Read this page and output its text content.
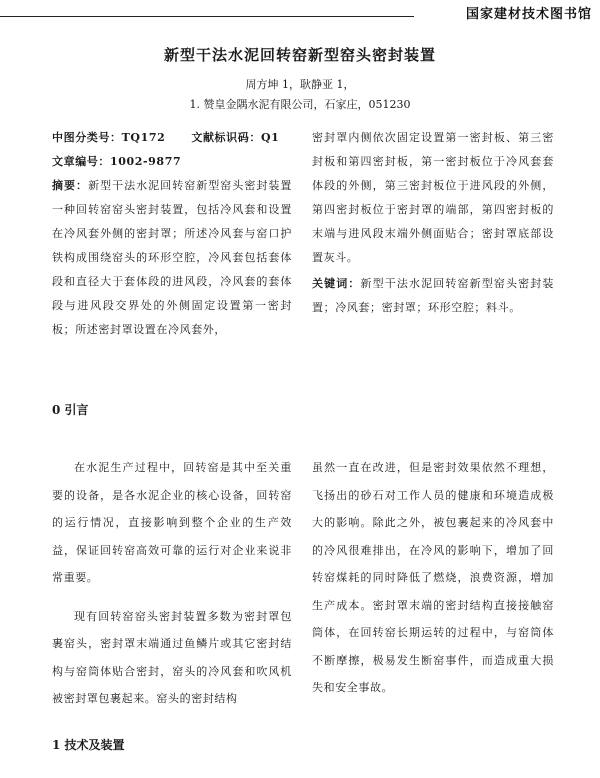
国家建材技术图书馆
新型干法水泥回转窑新型窑头密封装置
周方坤 1，耿静亚 1，
1. 赞皇金隅水泥有限公司，石家庄，051230
中图分类号：TQ172 文献标识码：Q1
文章编号：1002-9877

摘要：新型干法水泥回转窑新型窑头密封装置一种回转窑窑头密封装置，包括冷风套和设置在冷风套外侧的密封罩；所述冷风套与窑口护铁构成围绕窑头的环形空腔，冷风套包括套体段和直径大于套体段的进风段，冷风套的套体段与进风段交界处的外侧固定设置第一密封板；所述密封罩设置在冷风套外，

密封罩内侧依次固定设置第一密封板、第三密封板和第四密封板，第一密封板位于冷风套套体段的外侧，第三密封板位于进风段的外侧，第四密封板位于密封罩的端部，第四密封板的末端与进风段末端外侧面贴合；密封罩底部设置灰斗。

关键词：新型干法水泥回转窑新型窑头密封装置；冷风套；密封罩；环形空腔；料斗。

0 引言

在水泥生产过程中，回转窑是其中至关重要的设备，是各水泥企业的核心设备，回转窑的运行情况，直接影响到整个企业的生产效益，保证回转窑高效可靠的运行对企业来说非常重要。

现有回转窑窑头密封装置多数为密封罩包裹窑头，密封罩末端通过鱼鳞片或其它密封结构与窑筒体贴合密封，窑头的冷风套和吹风机被密封罩包裹起来。窑头的密封结构

虽然一直在改进，但是密封效果依然不理想，飞扬出的砂石对工作人员的健康和环境造成极大的影响。除此之外，被包裹起来的冷风套中的冷风很难排出，在冷风的影响下，增加了回转窑煤耗的同时降低了燃烧，浪费资源，增加生产成本。密封罩末端的密封结构直接接触窑筒体，在回转窑长期运转的过程中，与窑筒体不断摩擦，极易发生断窑事件，而造成重大损失和安全事故。

1 技术及装置
